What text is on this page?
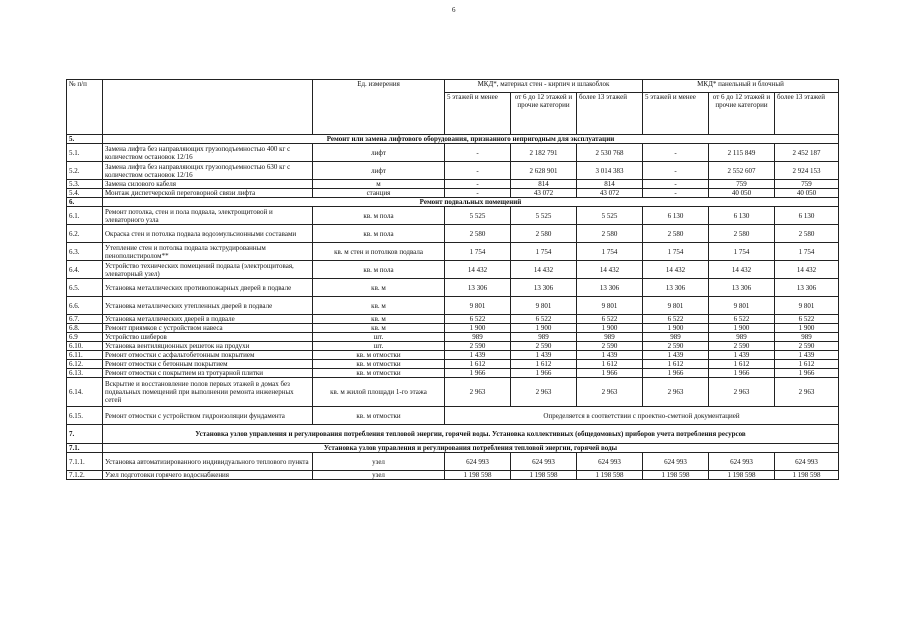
6
№ п/п		Ед. измерения	МКД*, материал стен - кирпич и шлакоблок			МКД* панельный и блочный		
			5 этажей и менее	от 6 до 12 этажей и прочие категории	более 13 этажей	5 этажей и менее	от 6 до 12 этажей и прочие категории	более 13 этажей
5.	Ремонт или замена лифтового оборудования, признанного непригодным для эксплуатации							
5.1.	Замена лифта без направляющих грузоподъемностью 400 кг с количеством остановок 12/16	лифт	-	2 182 791	2 530 768	-	2 115 849	2 452 187
5.2.	Замена лифта без направляющих грузоподъемностью 630 кг с количеством остановок 12/16	лифт	-	2 628 901	3 014 383	-	2 552 607	2 924 153
5.3.	Замена силового кабеля	м	-	814	814	-	759	759
5.4.	Монтаж диспетчерской переговорной связи лифта	станция	-	43 072	43 072	-	40 050	40 050
6.	Ремонт подвальных помещений							
6.1.	Ремонт потолка, стен и пола подвала, электрощитовой и элеваторного узла	кв. м пола	5 525	5 525	5 525	6 130	6 130	6 130
6.2.	Окраска стен и потолка подвала водоэмульсионными составами	кв. м пола	2 580	2 580	2 580	2 580	2 580	2 580
6.3.	Утепление стен и потолка подвала экструдированным пенополистиролом**	кв. м стен и потолков подвала	1 754	1 754	1 754	1 754	1 754	1 754
6.4.	Устройство технических помещений подвала (электрощитовая, элеваторный узел)	кв. м пола	14 432	14 432	14 432	14 432	14 432	14 432
6.5.	Установка металлических противопожарных дверей в подвале	кв. м	13 306	13 306	13 306	13 306	13 306	13 306
6.6.	Установка металлических утепленных дверей в подвале	кв. м	9 801	9 801	9 801	9 801	9 801	9 801
6.7.	Установка металлических дверей в подвале	кв. м	6 522	6 522	6 522	6 522	6 522	6 522
6.8.	Ремонт приямков с устройством навеса	кв. м	1 900	1 900	1 900	1 900	1 900	1 900
6.9	Устройство шиберов	шт.	989	989	989	989	989	989
6.10.	Установка вентиляционных решеток на продухи	шт.	2 590	2 590	2 590	2 590	2 590	2 590
6.11.	Ремонт отмостки с асфальтобетонным покрытием	кв. м отмостки	1 439	1 439	1 439	1 439	1 439	1 439
6.12.	Ремонт отмостки с бетонным покрытием	кв. м отмостки	1 612	1 612	1 612	1 612	1 612	1 612
6.13.	Ремонт отмостки с покрытием из тротуарной плитки	кв. м отмостки	1 966	1 966	1 966	1 966	1 966	1 966
6.14.	Вскрытие и восстановление полов первых этажей в домах без подвальных помещений при выполнении ремонта инженерных сетей	кв. м жилой площади 1-го этажа	2 963	2 963	2 963	2 963	2 963	2 963
6.15.	Ремонт отмостки с устройством гидроизоляции фундамента	кв. м отмостки	Определяется в соответствии с проектно-сметной документацией					
7.	Установка узлов управления и регулирования потребления тепловой энергии, горячей воды. Установка коллективных (общедомовых) приборов учета потребления ресурсов							
7.1.	Установка узлов управления и регулирования потребления тепловой энергии, горячей воды							
7.1.1.	Установка автоматизированного индивидуального теплового пункта	узел	624 993	624 993	624 993	624 993	624 993	624 993
7.1.2.	Узел подготовки горячего водоснабжения	узел	1 198 598	1 198 598	1 198 598	1 198 598	1 198 598	1 198 598
